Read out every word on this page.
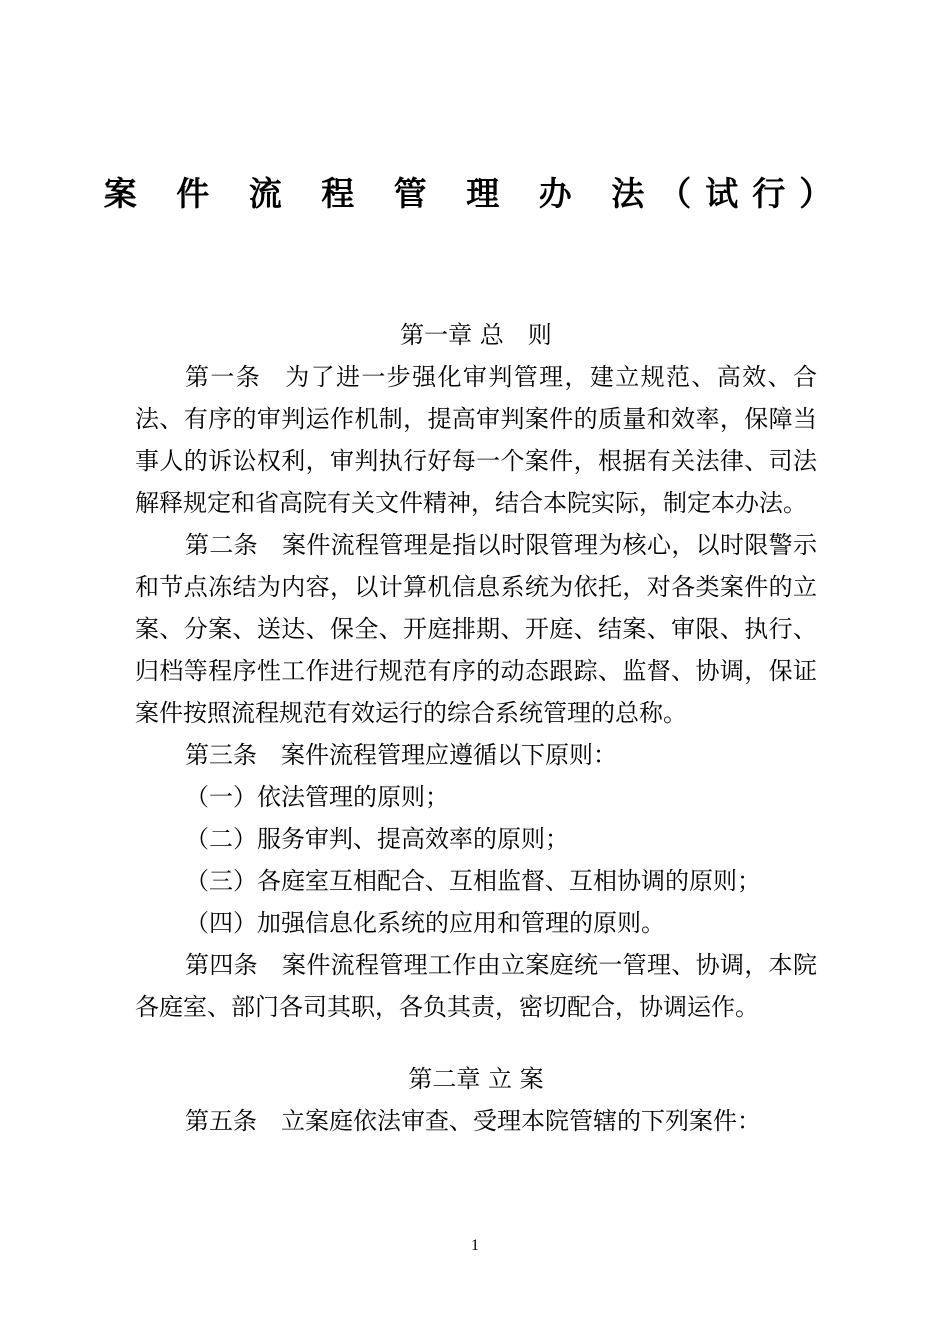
案 件 流 程 管 理 办 法（试行）

第一章 总　则

第一条 为了进一步强化审判管理，建立规范、高效、合法、有序的审判运作机制，提高审判案件的质量和效率，保障当事人的诉讼权利，审判执行好每一个案件，根据有关法律、司法解释规定和省高院有关文件精神，结合本院实际，制定本办法。

第二条 案件流程管理是指以时限管理为核心，以时限警示和节点冻结为内容，以计算机信息系统为依托，对各类案件的立案、分案、送达、保全、开庭排期、开庭、结案、审限、执行、归档等程序性工作进行规范有序的动态跟踪、监督、协调，保证案件按照流程规范有效运行的综合系统管理的总称。

第三条 案件流程管理应遵循以下原则：

（一）依法管理的原则；

（二）服务审判、提高效率的原则；

（三）各庭室互相配合、互相监督、互相协调的原则；

（四）加强信息化系统的应用和管理的原则。

第四条 案件流程管理工作由立案庭统一管理、协调，本院各庭室、部门各司其职，各负其责，密切配合，协调运作。

第二章 立 案

第五条 立案庭依法审查、受理本院管辖的下列案件：

1
